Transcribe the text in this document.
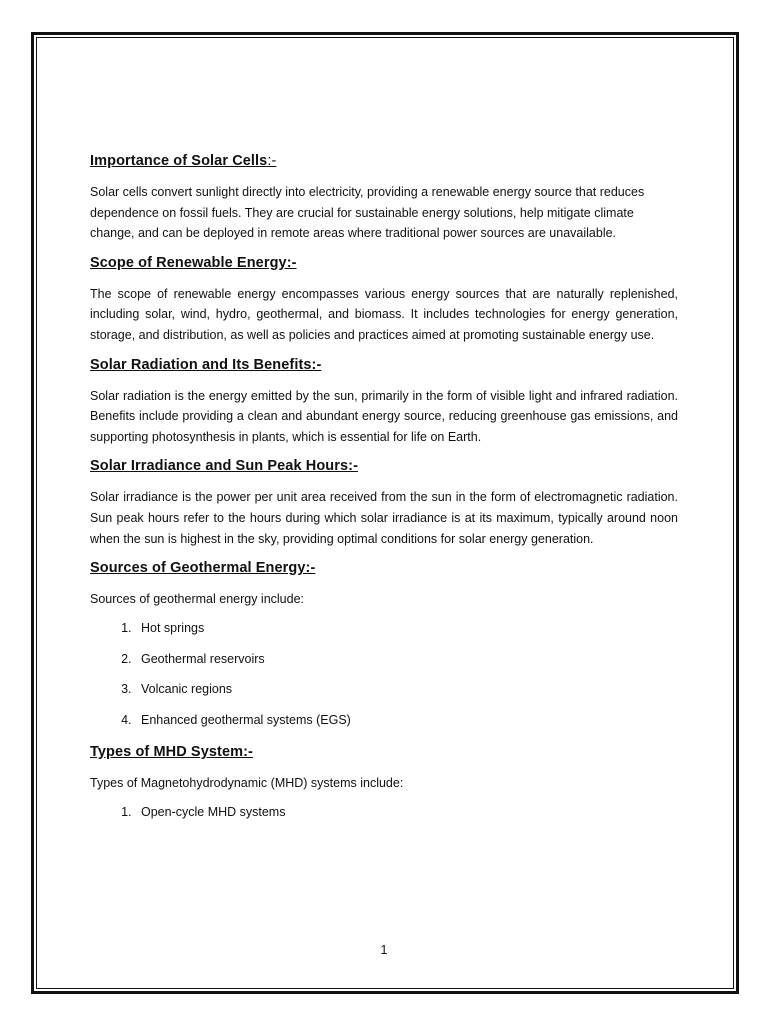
Importance of Solar Cells:-

Solar cells convert sunlight directly into electricity, providing a renewable energy source that reduces dependence on fossil fuels. They are crucial for sustainable energy solutions, help mitigate climate change, and can be deployed in remote areas where traditional power sources are unavailable.

Scope of Renewable Energy:-

The scope of renewable energy encompasses various energy sources that are naturally replenished, including solar, wind, hydro, geothermal, and biomass. It includes technologies for energy generation, storage, and distribution, as well as policies and practices aimed at promoting sustainable energy use.

Solar Radiation and Its Benefits:-

Solar radiation is the energy emitted by the sun, primarily in the form of visible light and infrared radiation. Benefits include providing a clean and abundant energy source, reducing greenhouse gas emissions, and supporting photosynthesis in plants, which is essential for life on Earth.

Solar Irradiance and Sun Peak Hours:-

Solar irradiance is the power per unit area received from the sun in the form of electromagnetic radiation. Sun peak hours refer to the hours during which solar irradiance is at its maximum, typically around noon when the sun is highest in the sky, providing optimal conditions for solar energy generation.

Sources of Geothermal Energy:-

Sources of geothermal energy include:

1. Hot springs
2. Geothermal reservoirs
3. Volcanic regions
4. Enhanced geothermal systems (EGS)
Types of MHD System:-

Types of Magnetohydrodynamic (MHD) systems include:

1. Open-cycle MHD systems
1
